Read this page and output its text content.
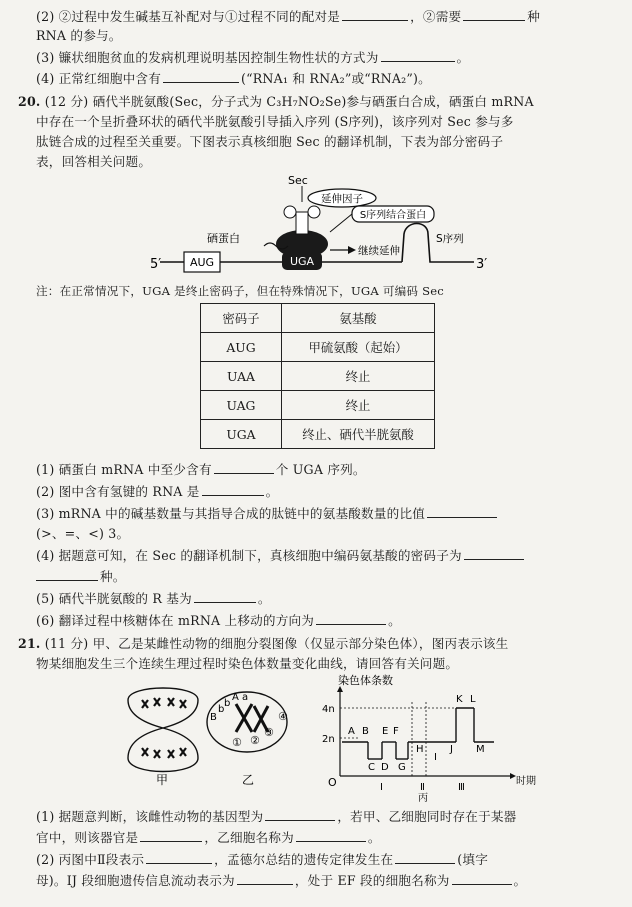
(2) ②过程中发生碱基互补配对与①过程不同的配对是	，②需要	种
RNA 的参与。
(3) 镰状细胞贫血的发病机理说明基因控制生物性状的方式为	。
(4) 正常红细胞中含有	(“RNA₁ 和 RNA₂”或“RNA₂”)。
20. (12 分) 硒代半胱氨酸(Sec，分子式为 C₃H₇NO₂Se)参与硒蛋白合成，硒蛋白 mRNA
中存在一个呈折叠环状的硒代半胱氨酸引导插入序列 (S序列)，该序列对 Sec 参与多
肽链合成的过程至关重要。下图表示真核细胞 Sec 的翻译机制，下表为部分密码子
表，回答相关问题。
5′	3′
AUG	UGA
Sec
延伸因子
S序列结合蛋白
硒蛋白
继续延伸
S序列
注：在正常情况下，UGA 是终止密码子，但在特殊情况下，UGA 可编码 Sec
密码子	氨基酸
AUG	甲硫氨酸（起始）
UAA	终止
UAG	终止
UGA	终止、硒代半胱氨酸
(1) 硒蛋白 mRNA 中至少含有	个 UGA 序列。
(2) 图中含有氢键的 RNA 是	。
(3) mRNA 中的碱基数量与其指导合成的肽链中的氨基酸数量的比值
(>、=、<) 3。
(4) 据题意可知，在 Sec 的翻译机制下，真核细胞中编码氨基酸的密码子为
种。
(5) 硒代半胱氨酸的 R 基为	。
(6) 翻译过程中核糖体在 mRNA 上移动的方向为	。
21. (11 分) 甲、乙是某雌性动物的细胞分裂图像（仅显示部分染色体），图丙表示该生
物某细胞发生三个连续生理过程时染色体数量变化曲线，请回答有关问题。
甲
B
b
b
A a
④
① ②
③
乙
染色体条数
4n
2n
O	时期
A B
C D
E F
G
H
I
J
K L
M
Ⅰ	Ⅱ	Ⅲ
丙
(1) 据题意判断，该雌性动物的基因型为	，若甲、乙细胞同时存在于某器
官中，则该器官是	，乙细胞名称为	。
(2) 丙图中Ⅱ段表示	，孟德尔总结的遗传定律发生在	(填字
母)。IJ 段细胞遗传信息流动表示为	，处于 EF 段的细胞名称为	。
